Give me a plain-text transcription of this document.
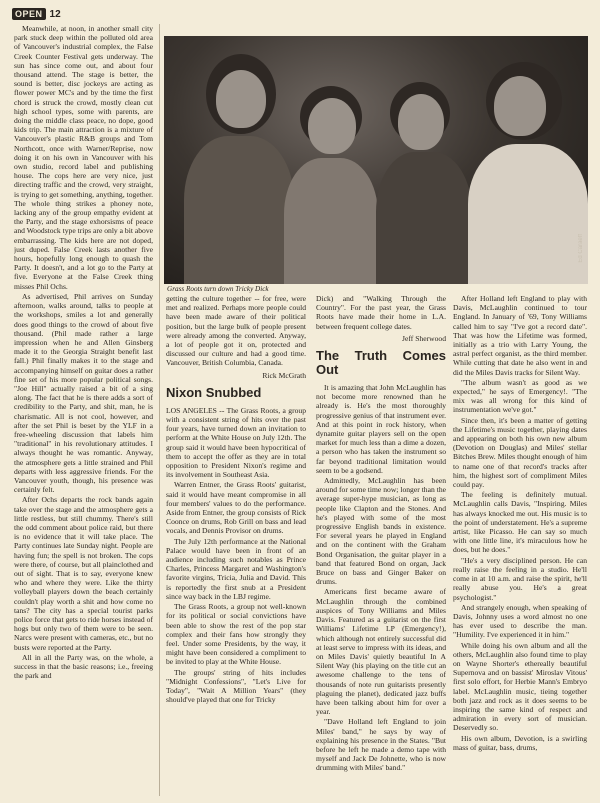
OPEN 12

Meanwhile, at noon, in another small city park stuck deep within the polluted old area of Vancouver's industrial complex, the False Creek Counter Festival gets underway. The sun has since come out, and about four thousand attend. The stage is better, the sound is better, disc jockeys are acting as flower power MC's and by the time the first chord is struck the crowd, mostly clean cut high school types, some with parents, are doing the middle class peace, no dope, good kids trip. The main attraction is a mixture of Vancouver's plastic R&B groups and Tom Northcott, once with Warner/Reprise, now doing it on his own in Vancouver with his own studio, record label and publishing house. The cops here are very nice, just directing traffic and the crowd, very straight, is trying to get something, anything, together. The whole thing strikes a phoney note, lacking any of the group empathy evident at the Party, and the stage exhorsisms of peace and Woodstock type trips are only a bit above embarrassing. The kids here are not doped, just duped. False Creek lasts another five hours, hopefully long enough to quash the Party. It doesn't, and a lot go to the Party at five. Everyone at the False Creek thing misses Phil Ochs.

As advertised, Phil arrives on Sunday afternoon, walks around, talks to people at the workshops, smiles a lot and generally does good things to the crowd of about five thousand. (Phil made rather a large impression when he and Allen Ginsberg made it to the Georgia Straight benefit last fall.) Phil finally makes it to the stage and accompanying himself on guitar does a rather fine set of his more popular political songs. "Joe Hill" actually raised a bit of a sing along. The fact that he is there adds a sort of credibility to the Party, and shit, man, he is charismatic. All is not cool, however, and after the set Phil is beset by the YLF in a free-wheeling discussion that labels him "traditional" in his revolutionary attitudes. I always thought he was romantic. Anyway, the atmosphere gets a little strained and Phil departs with less aggressive friends. For the Vancouver youth, though, his presence was certainly felt.

After Ochs departs the rock bands again take over the stage and the atmosphere gets a little restless, but still chummy. There's still the odd comment about police raid, but there is no evidence that it will take place. The Party continues late Sunday night. People are having fun; the spell is not broken. The cops were there, of course, but all plainclothed and out of sight. That is to say, everyone knew who and where they were. Like the thirty volleyball players down the beach certainly couldn't play worth a shit and how come no tans? The city has a special tourist parks police force that gets to ride horses instead of hogs but only two of them were to be seen. Narcs were present with cameras, etc., but no busts were reported at the Party.

All in all the Party was, on the whole, a success in that the basic reasons; i.e., freeing the park and

Ed Caraeff
Grass Roots turn down Tricky Dick

getting the culture together -- for free, were met and realized. Perhaps more people could have been made aware of their political position, but the large bulk of people present were already among the converted. Anyway, a lot of people got it on, protected and discussed our culture and had a good time. Vancouver, British Columbia, Canada.

Rick McGrath

Nixon Snubbed

LOS ANGELES -- The Grass Roots, a group with a consistent string of hits over the past four years, have turned down an invitation to perform at the White House on July 12th. The group said it would have been hypocritical of them to accept the offer as they are in total opposition to President Nixon's regime and its involvement in Southeast Asia.

Warren Entner, the Grass Roots' guitarist, said it would have meant compromise in all four members' values to do the performance. Aside from Entner, the group consists of Rick Coonce on drums, Rob Grill on bass and lead vocals, and Dennis Provisor on drums.

The July 12th performance at the National Palace would have been in front of an audience including such notables as Prince Charles, Princess Margaret and Washington's favorite virgins, Tricia, Julia and David. This is reportedly the first snub at a President since way back in the LBJ regime.

The Grass Roots, a group not well-known for its political or social convictions have been able to show the rest of the pop star complex and their fans how strongly they feel. Under some Presidents, by the way, it might have been considered a compliment to be invited to play at the White House.

The groups' string of hits includes "Midnight Confessions", "Let's Live for Today", "Wait A Million Years" (they should've played that one for Tricky

Dick) and "Walking Through the Country". For the past year, the Grass Roots have made their home in L.A. between frequent college dates.

Jeff Sherwood

The Truth Comes Out

It is amazing that John McLaughlin has not become more renowned than he already is. He's the most thoroughly progressive genius of that instrument ever. And at this point in rock history, when dynamite guitar players sell on the open market for much less than a dime a dozen, a person who has taken the instrument so far beyond traditional limitation would seem to be a godsend.

Admittedly, McLaughlin has been around for some time now; longer than the average super-hype musician, as long as people like Clapton and the Stones. And he's played with some of the most progressive English bands in existence. For several years he played in England and on the continent with the Graham Bond Organisation, the guitar player in a band that featured Bond on organ, Jack Bruce on bass and Ginger Baker on drums.

Americans first became aware of McLaughlin through the combined auspices of Tony Williams and Miles Davis. Featured as a guitarist on the first Williams' Lifetime LP (Emergency!), which although not entirely successful did at least serve to impress with its ideas, and on Miles Davis' quietly beautiful In A Silent Way (his playing on the title cut an awesome challenge to the tens of thousands of note run guitarists presently plaguing the planet), dedicated jazz buffs have been talking about him for over a year.

"Dave Holland left England to join Miles' band," he says by way of explaining his presence in the States. "But before he left he made a demo tape with myself and Jack De Johnette, who is now drumming with Miles' band."

After Holland left England to play with Davis, McLaughlin continued to tour England. In January of '69, Tony Williams called him to say "I've got a record date". That was how the Lifetime was formed, initially as a trio with Larry Young, the astral perfect organist, as the third member. While cutting that date he also went in and did the Miles Davis tracks for Silent Way.

"The album wasn't as good as we expected," he says of Emergency!. "The mix was all wrong for this kind of instrumentation we've got."

Since then, it's been a matter of getting the Lifetime's music together, playing dates and appearing on both his own new album (Devotion on Douglas) and Miles' stellar Bitches Brew. Miles thought enough of him to name one of that record's tracks after him, the highest sort of compliment Miles could pay.

The feeling is definitely mutual. McLaughlin calls Davis, "Inspiring. Miles has always knocked me out. His music is to the point of understatement. He's a supreme artist, like Picasso. He can say so much with one little line, it's miraculous how he does, but he does."

"He's a very disciplined person. He can really raise the feeling in a studio. He'll come in at 10 a.m. and raise the spirit, he'll really abuse you. He's a great psychologist."

And strangely enough, when speaking of Davis, Johnny uses a word almost no one has ever used to describe the man. "Humility. I've experienced it in him."

While doing his own album and all the others, McLaughlin also found time to play on Wayne Shorter's ethereally beautiful Supernova and on bassist' Miroslav Vitous' first solo effort, for Herbie Mann's Embryo label. McLaughlin music, tieing together both jazz and rock as it does seems to be inspiring the same kind of respect and admiration in every sort of musician. Deservedly so.

His own album, Devotion, is a swirling mass of guitar, bass, drums,
